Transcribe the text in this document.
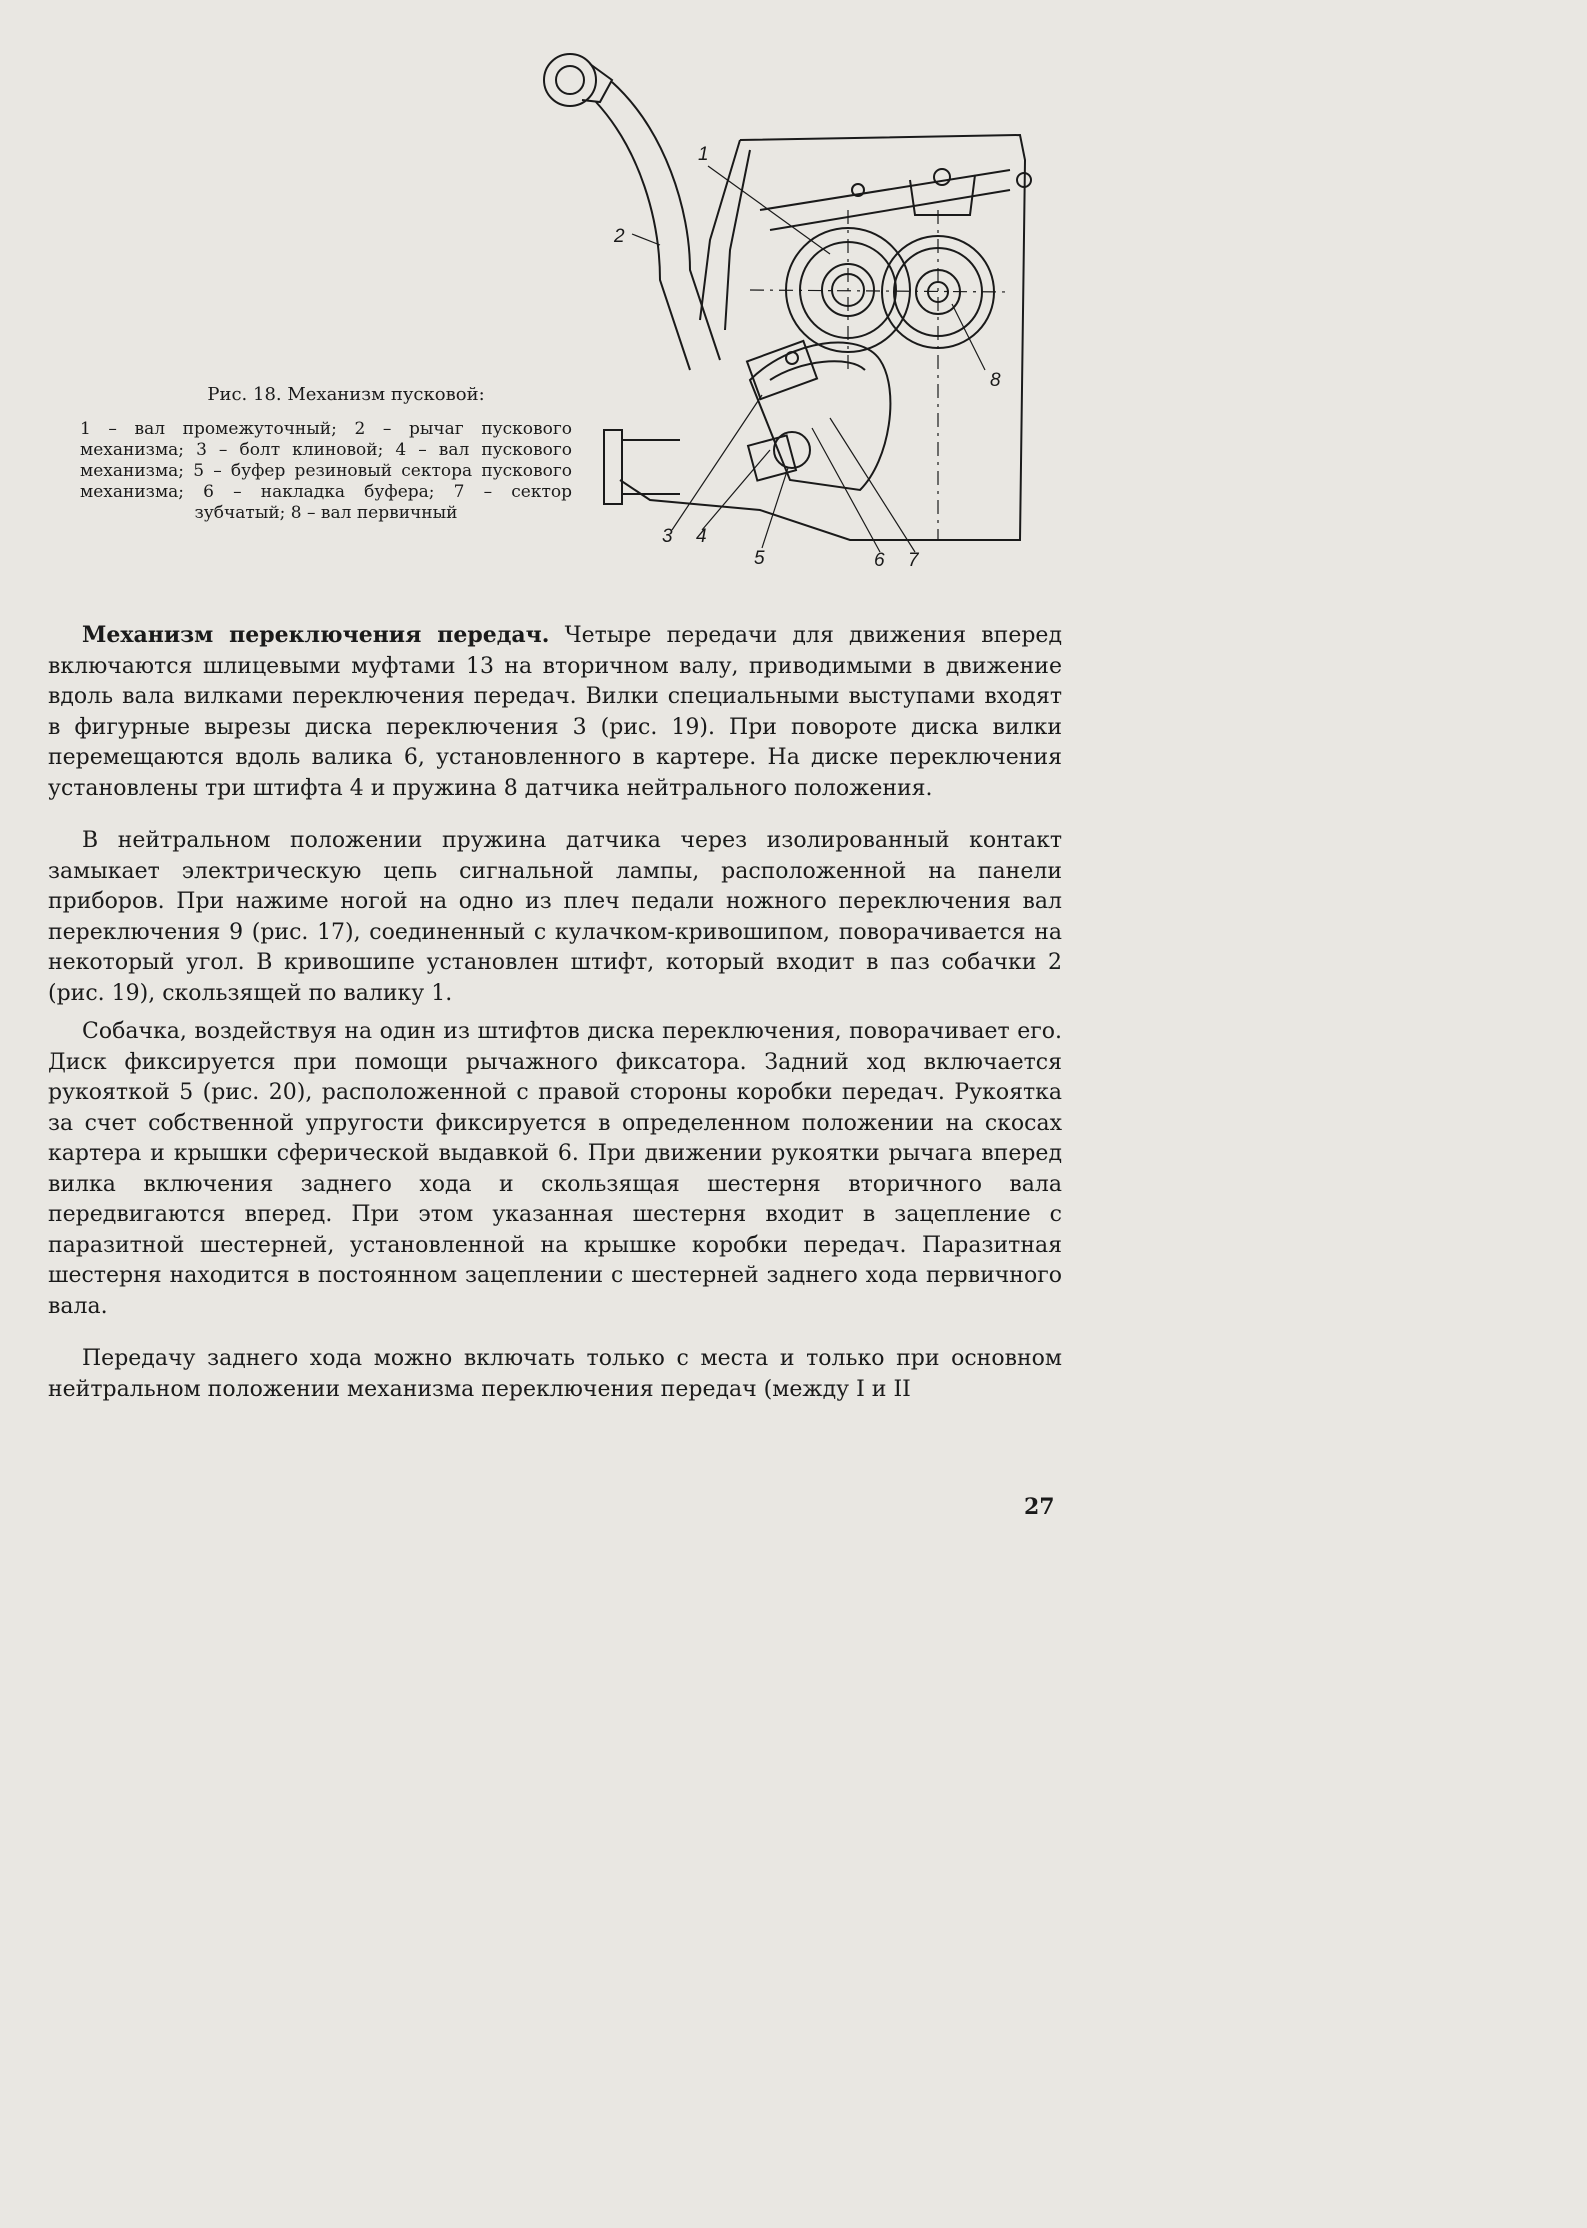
1
2
3 4
5	6 7
8
Рис. 18. Механизм пусковой:
1 – вал промежуточный; 2 – рычаг пускового механизма; 3 – болт клиновой; 4 – вал пускового механизма; 5 – буфер резиновый сектора пускового механизма; 6 – накладка буфера; 7 – сектор зубчатый; 8 – вал первичный

Механизм переключения передач. Четыре передачи для движения вперед включаются шлицевыми муфтами 13 на вторичном валу, приводимыми в движение вдоль вала вилками переключения передач. Вилки специальными выступами входят в фигурные вырезы диска переключения 3 (рис. 19). При повороте диска вилки перемещаются вдоль валика 6, установленного в картере. На диске переключения установлены три штифта 4 и пружина 8 датчика нейтрального положения.

В нейтральном положении пружина датчика через изолированный контакт замыкает электрическую цепь сигнальной лампы, расположенной на панели приборов. При нажиме ногой на одно из плеч педали ножного переключения вал переключения 9 (рис. 17), соединенный с кулачком-кривошипом, поворачивается на некоторый угол. В кривошипе установлен штифт, который входит в паз собачки 2 (рис. 19), скользящей по валику 1.

Собачка, воздействуя на один из штифтов диска переключения, поворачивает его. Диск фиксируется при помощи рычажного фиксатора. Задний ход включается рукояткой 5 (рис. 20), расположенной с правой стороны коробки передач. Рукоятка за счет собственной упругости фиксируется в определенном положении на скосах картера и крышки сферической выдавкой 6. При движении рукоятки рычага вперед вилка включения заднего хода и скользящая шестерня вторичного вала передвигаются вперед. При этом указанная шестерня входит в зацепление с паразитной шестерней, установленной на крышке коробки передач. Паразитная шестерня находится в постоянном зацеплении с шестерней заднего хода первичного вала.

Передачу заднего хода можно включать только с места и только при основном нейтральном положении механизма переключения передач (между I и II

27
